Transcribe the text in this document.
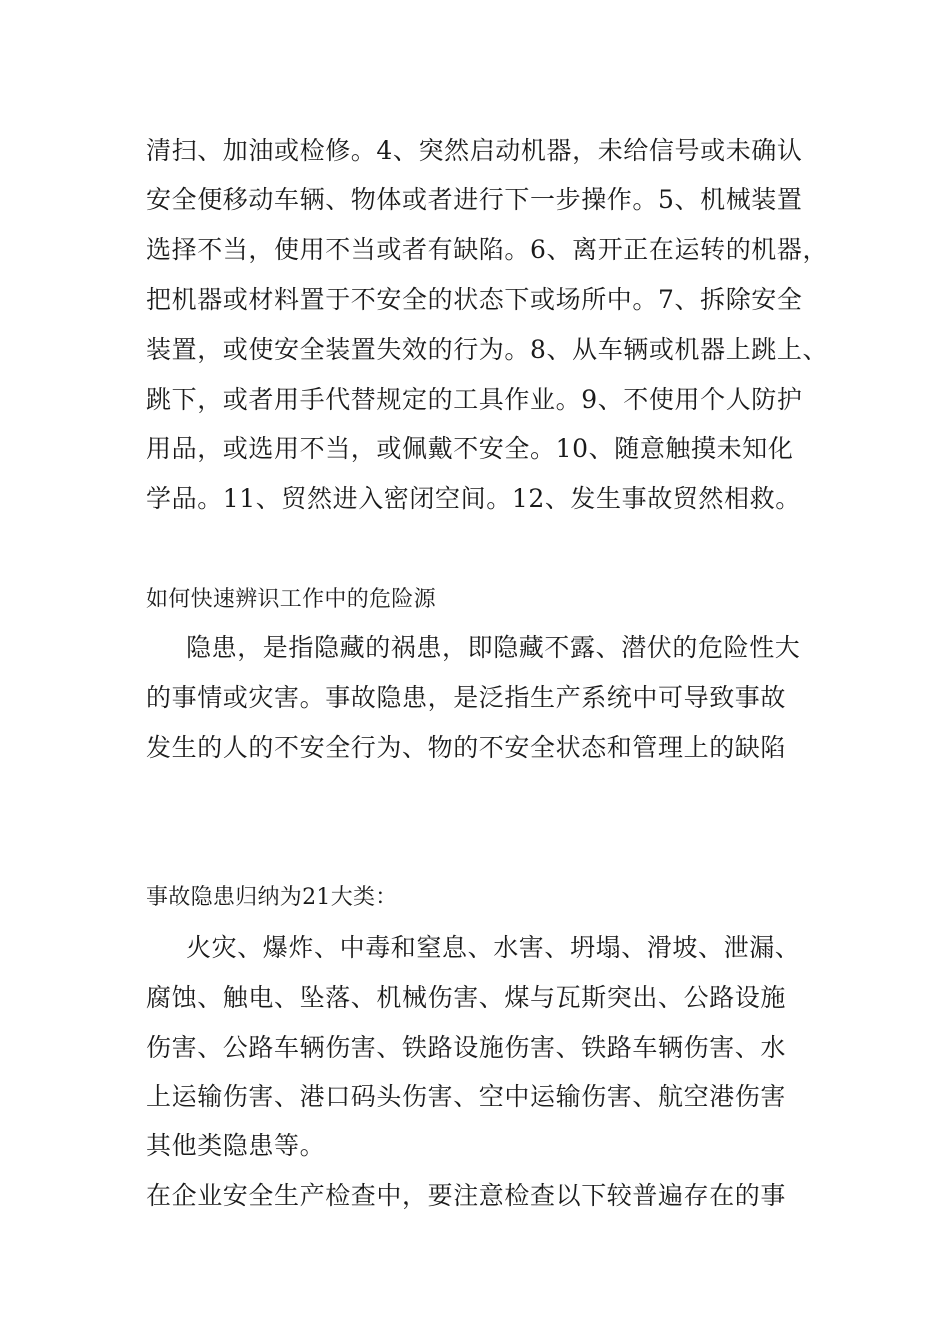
清扫、加油或检修。4、突然启动机器，未给信号或未确认
安全便移动车辆、物体或者进行下一步操作。5、机械装置
选择不当，使用不当或者有缺陷。6、离开正在运转的机器，
把机器或材料置于不安全的状态下或场所中。7、拆除安全
装置，或使安全装置失效的行为。8、从车辆或机器上跳上、
跳下，或者用手代替规定的工具作业。9、不使用个人防护
用品，或选用不当，或佩戴不安全。10、随意触摸未知化
学品。11、贸然进入密闭空间。12、发生事故贸然相救。
如何快速辨识工作中的危险源
隐患，是指隐藏的祸患，即隐藏不露、潜伏的危险性大
的事情或灾害。事故隐患，是泛指生产系统中可导致事故
发生的人的不安全行为、物的不安全状态和管理上的缺陷
事故隐患归纳为21大类：
火灾、爆炸、中毒和窒息、水害、坍塌、滑坡、泄漏、
腐蚀、触电、坠落、机械伤害、煤与瓦斯突出、公路设施
伤害、公路车辆伤害、铁路设施伤害、铁路车辆伤害、水
上运输伤害、港口码头伤害、空中运输伤害、航空港伤害
其他类隐患等。
在企业安全生产检查中，要注意检查以下较普遍存在的事
